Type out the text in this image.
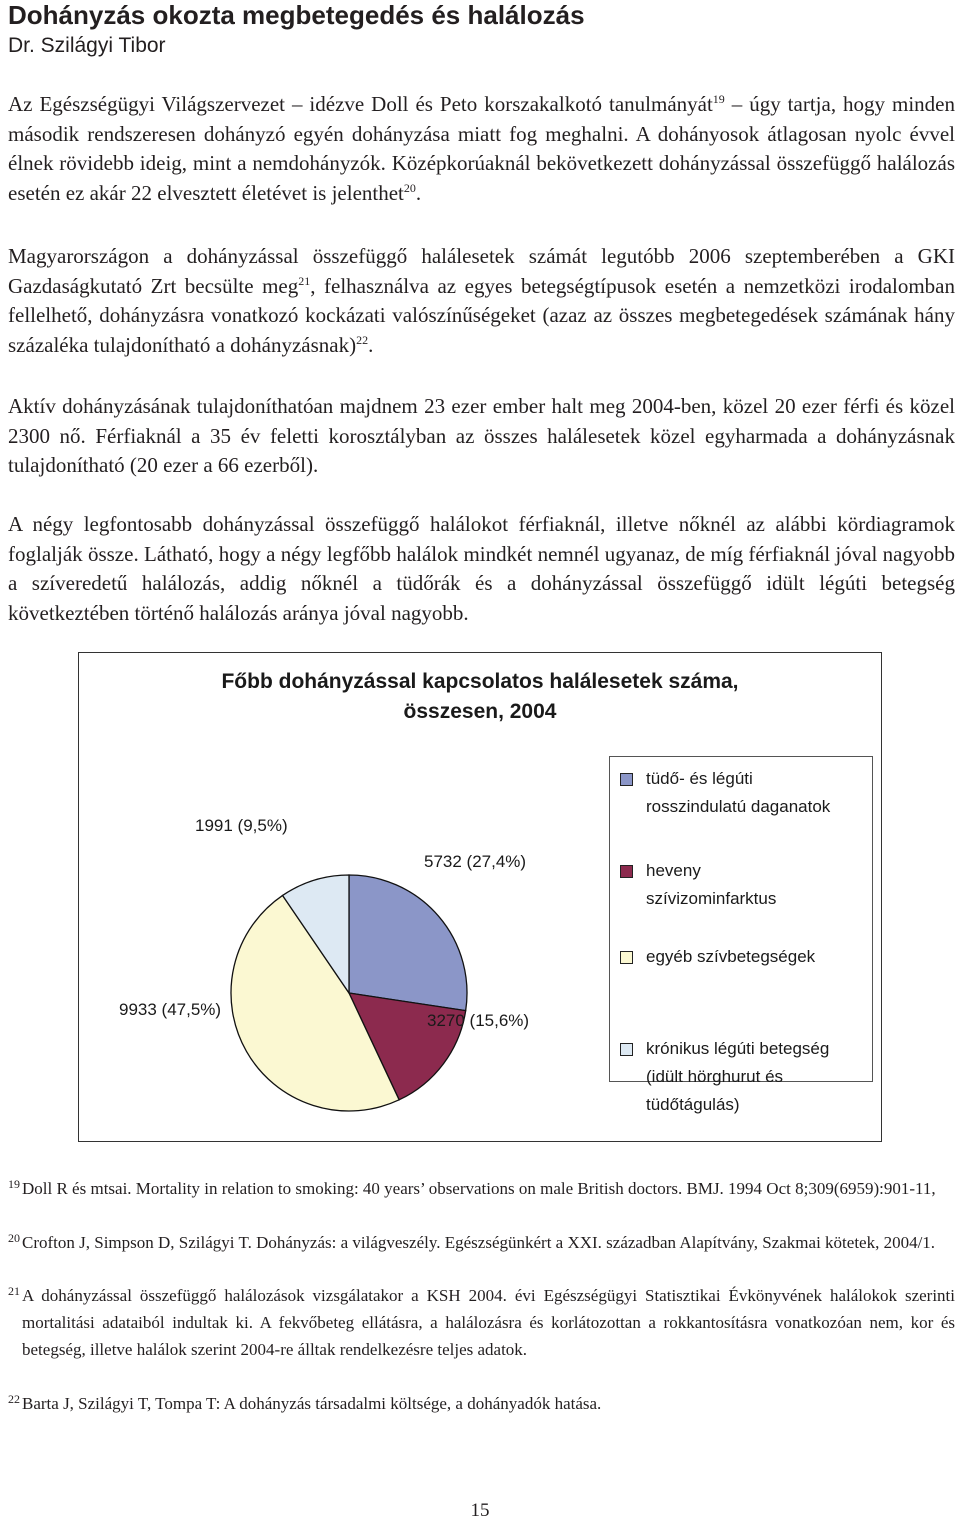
Dohányzás okozta megbetegedés és halálozás
Dr. Szilágyi Tibor

Az Egészségügyi Világszervezet – idézve Doll és Peto korszakalkotó tanulmányát$^{19}$ – úgy tartja, hogy minden második rendszeresen dohányzó egyén dohányzása miatt fog meghalni. A dohányosok átlagosan nyolc évvel élnek rövidebb ideig, mint a nemdohányzók. Középkorúaknál bekövetkezett dohányzással összefüggő halálozás esetén ez akár 22 elvesztett életévet is jelenthet$^{20}$.

Magyarországon a dohányzással összefüggő halálesetek számát legutóbb 2006 szeptemberében a GKI Gazdaságkutató Zrt becsülte meg$^{21}$, felhasználva az egyes betegségtípusok esetén a nemzetközi irodalomban fellelhető, dohányzásra vonatkozó kockázati valószínűségeket (azaz az összes megbetegedések számának hány százaléka tulajdonítható a dohányzásnak)$^{22}$.

Aktív dohányzásának tulajdoníthatóan majdnem 23 ezer ember halt meg 2004-ben, közel 20 ezer férfi és közel 2300 nő. Férfiaknál a 35 év feletti korosztályban az összes halálesetek közel egyharmada a dohányzásnak tulajdonítható (20 ezer a 66 ezerből).

A négy legfontosabb dohányzással összefüggő halálokot férfiaknál, illetve nőknél az alábbi kördiagramok foglalják össze. Látható, hogy a négy legfőbb halálok mindkét nemnél ugyanaz, de míg férfiaknál jóval nagyobb a szíveredetű halálozás, addig nőknél a tüdőrák és a dohányzással összefüggő idült légúti betegség következtében történő halálozás aránya jóval nagyobb.

Főbb dohányzással kapcsolatos halálesetek száma,
összesen, 2004
5732 (27,4%)
3270 (15,6%)
9933 (47,5%)
1991 (9,5%)
tüdő- és légúti
rosszindulatú daganatok
heveny
szívizominfarktus
egyéb szívbetegségek
krónikus légúti betegség
(idült hörghurut és
tüdőtágulás)
19 Doll R és mtsai. Mortality in relation to smoking: 40 years’ observations on male British doctors. BMJ. 1994 Oct 8;309(6959):901-11,
20 Crofton J, Simpson D, Szilágyi T. Dohányzás: a világveszély. Egészségünkért a XXI. században Alapítvány, Szakmai kötetek, 2004/1.
21 A dohányzással összefüggő halálozások vizsgálatakor a KSH 2004. évi Egészségügyi Statisztikai Évkönyvének halálokok szerinti mortalitási adataiból indultak ki. A fekvőbeteg ellátásra, a halálozásra és korlátozottan a rokkantosításra vonatkozóan nem, kor és betegség, illetve halálok szerint 2004-re álltak rendelkezésre teljes adatok.
22 Barta J, Szilágyi T, Tompa T: A dohányzás társadalmi költsége, a dohányadók hatása.
15
